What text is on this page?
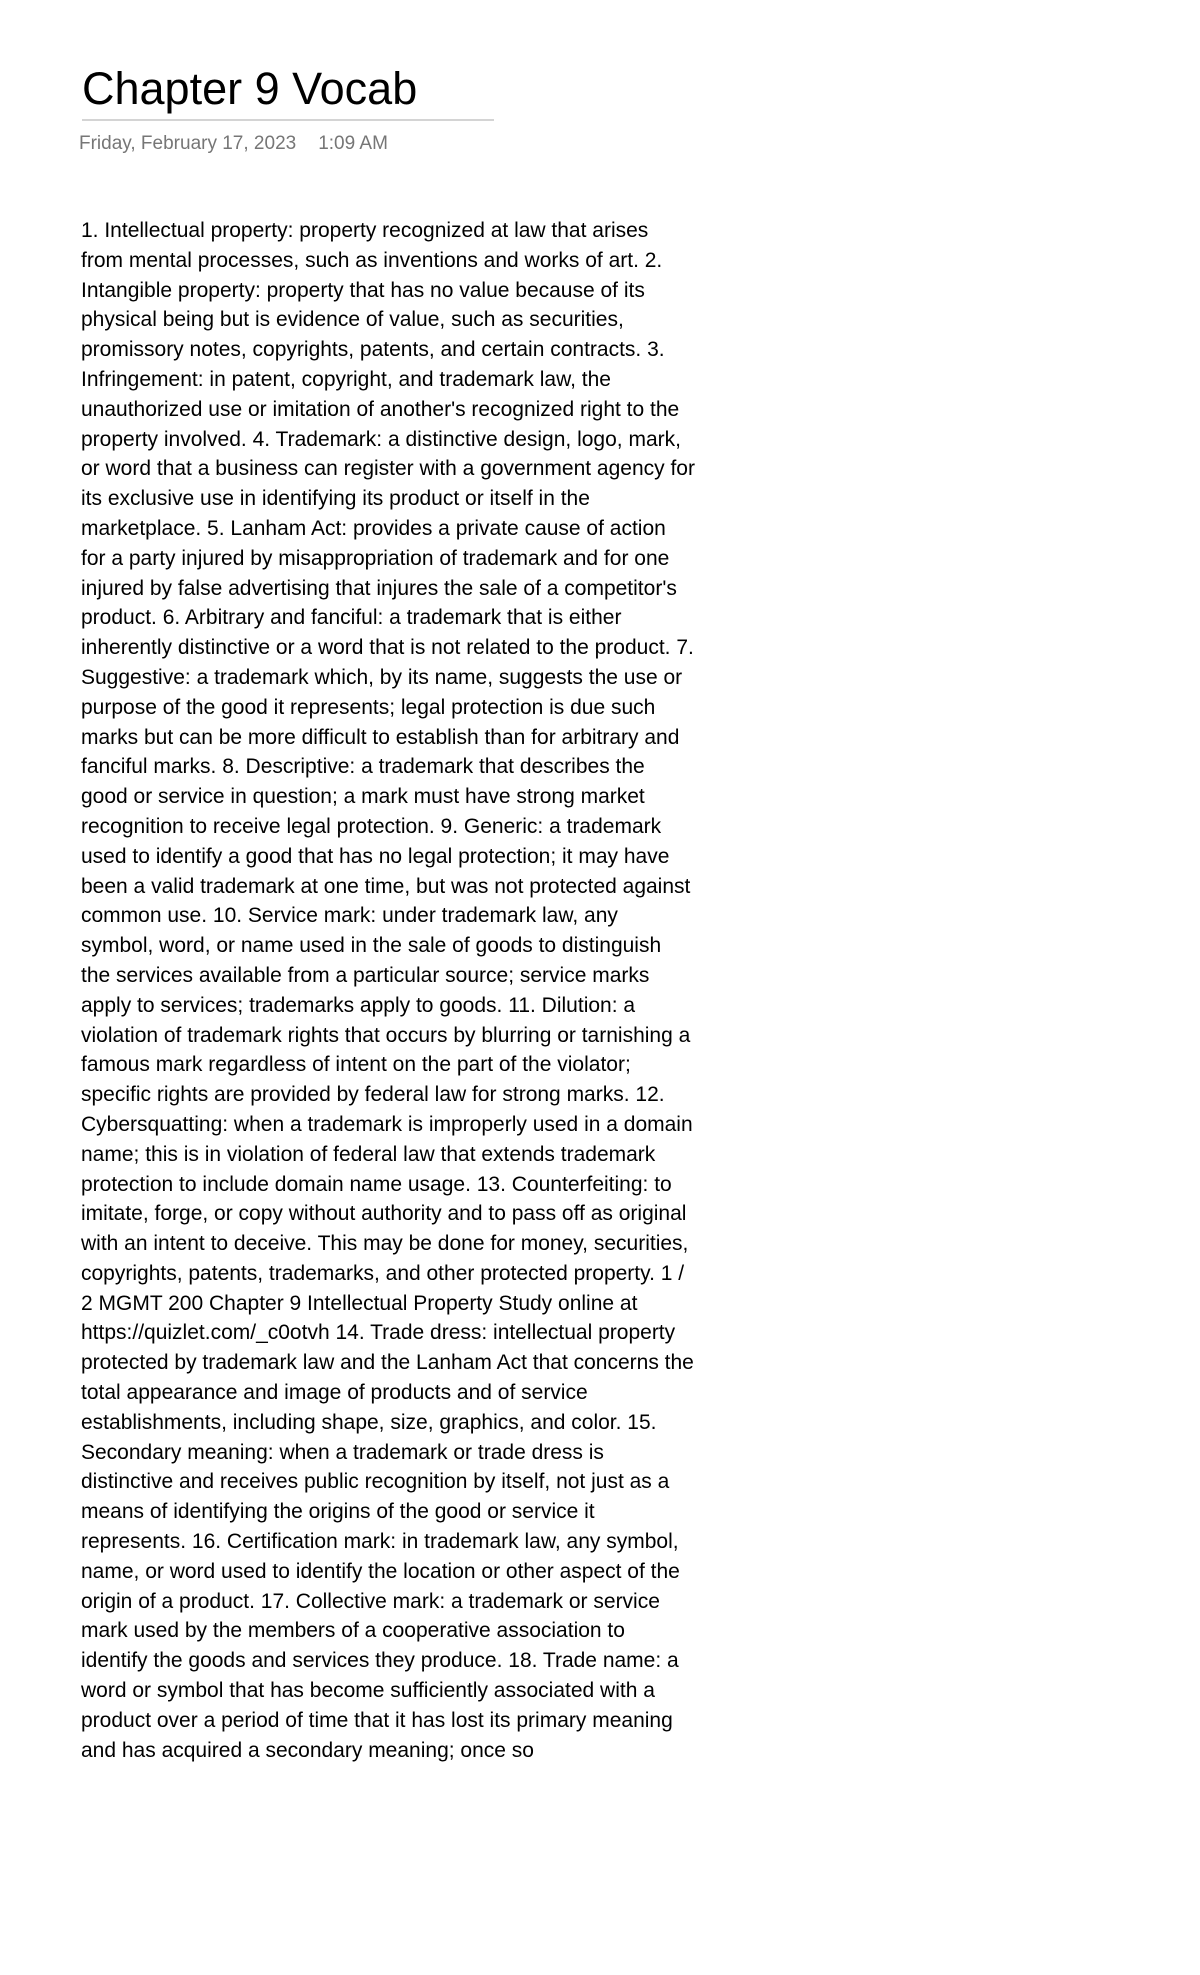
Chapter 9 Vocab
Friday, February 17, 2023 1:09 AM

1. Intellectual property: property recognized at law that arises from mental processes, such as inventions and works of art. 2. Intangible property: property that has no value because of its physical being but is evidence of value, such as securities, promissory notes, copyrights, patents, and certain contracts. 3. Infringement: in patent, copyright, and trademark law, the unauthorized use or imitation of another's recognized right to the property involved. 4. Trademark: a distinctive design, logo, mark, or word that a business can register with a government agency for its exclusive use in identifying its product or itself in the marketplace. 5. Lanham Act: provides a private cause of action for a party injured by misappropriation of trademark and for one injured by false advertising that injures the sale of a competitor's product. 6. Arbitrary and fanciful: a trademark that is either inherently distinctive or a word that is not related to the product. 7. Suggestive: a trademark which, by its name, suggests the use or purpose of the good it represents; legal protection is due such marks but can be more difficult to establish than for arbitrary and fanciful marks. 8. Descriptive: a trademark that describes the good or service in question; a mark must have strong market recognition to receive legal protection. 9. Generic: a trademark used to identify a good that has no legal protection; it may have been a valid trademark at one time, but was not protected against common use. 10. Service mark: under trademark law, any symbol, word, or name used in the sale of goods to distinguish the services available from a particular source; service marks apply to services; trademarks apply to goods. 11. Dilution: a violation of trademark rights that occurs by blurring or tarnishing a famous mark regardless of intent on the part of the violator; specific rights are provided by federal law for strong marks. 12. Cybersquatting: when a trademark is improperly used in a domain name; this is in violation of federal law that extends trademark protection to include domain name usage. 13. Counterfeiting: to imitate, forge, or copy without authority and to pass off as original with an intent to deceive. This may be done for money, securities, copyrights, patents, trademarks, and other protected property. 1 / 2 MGMT 200 Chapter 9 Intellectual Property Study online at https://quizlet.com/_c0otvh 14. Trade dress: intellectual property protected by trademark law and the Lanham Act that concerns the total appearance and image of products and of service establishments, including shape, size, graphics, and color. 15. Secondary meaning: when a trademark or trade dress is distinctive and receives public recognition by itself, not just as a means of identifying the origins of the good or service it represents. 16. Certification mark: in trademark law, any symbol, name, or word used to identify the location or other aspect of the origin of a product. 17. Collective mark: a trademark or service mark used by the members of a cooperative association to identify the goods and services they produce. 18. Trade name: a word or symbol that has become sufficiently associated with a product over a period of time that it has lost its primary meaning and has acquired a secondary meaning; once so
